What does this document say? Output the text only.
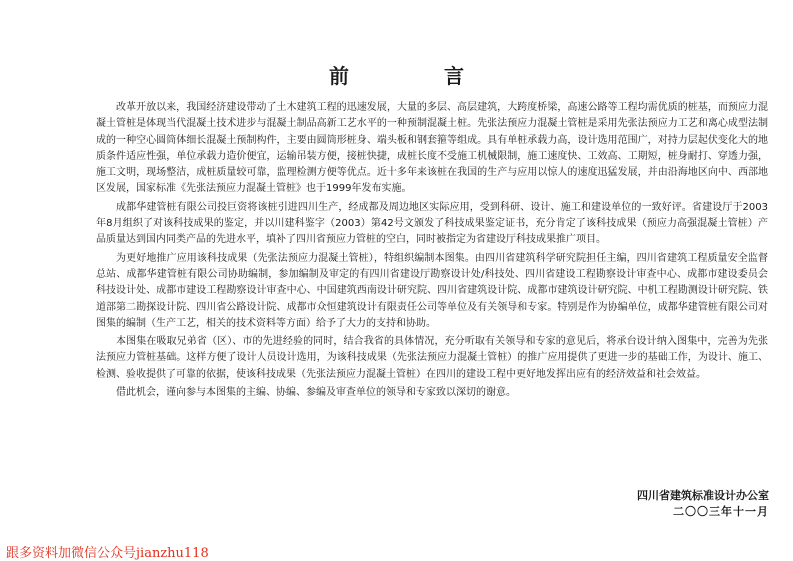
前 言

改革开放以来，我国经济建设带动了土木建筑工程的迅速发展，大量的多层、高层建筑，大跨度桥梁，高速公路等工程均需优质的桩基，而预应力混凝土管桩是体现当代混凝土技术进步与混凝土制品高新工艺水平的一种预制混凝土桩。先张法预应力混凝土管桩是采用先张法预应力工艺和离心成型法制成的一种空心圆筒体细长混凝土预制构件，主要由圆筒形桩身、端头板和钢套箍等组成。具有单桩承载力高，设计选用范围广，对持力层起伏变化大的地质条件适应性强，单位承载力造价便宜，运输吊装方便，接桩快捷，成桩长度不受施工机械限制，施工速度快、工效高、工期短，桩身耐打、穿透力强，施工文明，现场整洁，成桩质量较可靠，监理检测方便等优点。近十多年来该桩在我国的生产与应用以惊人的速度迅猛发展，并由沿海地区向中、西部地区发展，国家标准《先张法预应力混凝土管桩》也于1999年发布实施。

成都华建管桩有限公司投巨资将该桩引进四川生产，经成都及周边地区实际应用，受到科研、设计、施工和建设单位的一致好评。省建设厅于2003年8月组织了对该科技成果的鉴定，并以川建科鉴字（2003）第42号文颁发了科技成果鉴定证书，充分肯定了该科技成果（预应力高强混凝土管桩）产品质量达到国内同类产品的先进水平，填补了四川省预应力管桩的空白，同时被指定为省建设厅科技成果推广项目。

为更好地推广应用该科技成果（先张法预应力混凝土管桩），特组织编制本图集。由四川省建筑科学研究院担任主编，四川省建筑工程质量安全监督总站、成都华建管桩有限公司协助编制，参加编制及审定的有四川省建设厅勘察设计处/科技处、四川省建设工程勘察设计审查中心、成都市建设委员会科技设计处、成都市建设工程勘察设计审查中心、中国建筑西南设计研究院、四川省建筑设计院、成都市建筑设计研究院、中机工程勘测设计研究院、铁道部第二勘探设计院、四川省公路设计院、成都市众恒建筑设计有限责任公司等单位及有关领导和专家。特别是作为协编单位，成都华建管桩有限公司对图集的编制（生产工艺，相关的技术资料等方面）给予了大力的支持和协助。

本图集在吸取兄弟省（区）、市的先进经验的同时，结合我省的具体情况，充分听取有关领导和专家的意见后，将承台设计纳入图集中，完善为先张法预应力管桩基础。这样方便了设计人员设计选用，为该科技成果（先张法预应力混凝土管桩）的推广应用提供了更进一步的基础工作，为设计、施工、检测、验收提供了可靠的依据，使该科技成果（先张法预应力混凝土管桩）在四川的建设工程中更好地发挥出应有的经济效益和社会效益。

借此机会，谨向参与本图集的主编、协编、参编及审查单位的领导和专家致以深切的谢意。

四川省建筑标准设计办公室
二〇〇三年十一月
跟多资料加微信公众号jianzhu118
